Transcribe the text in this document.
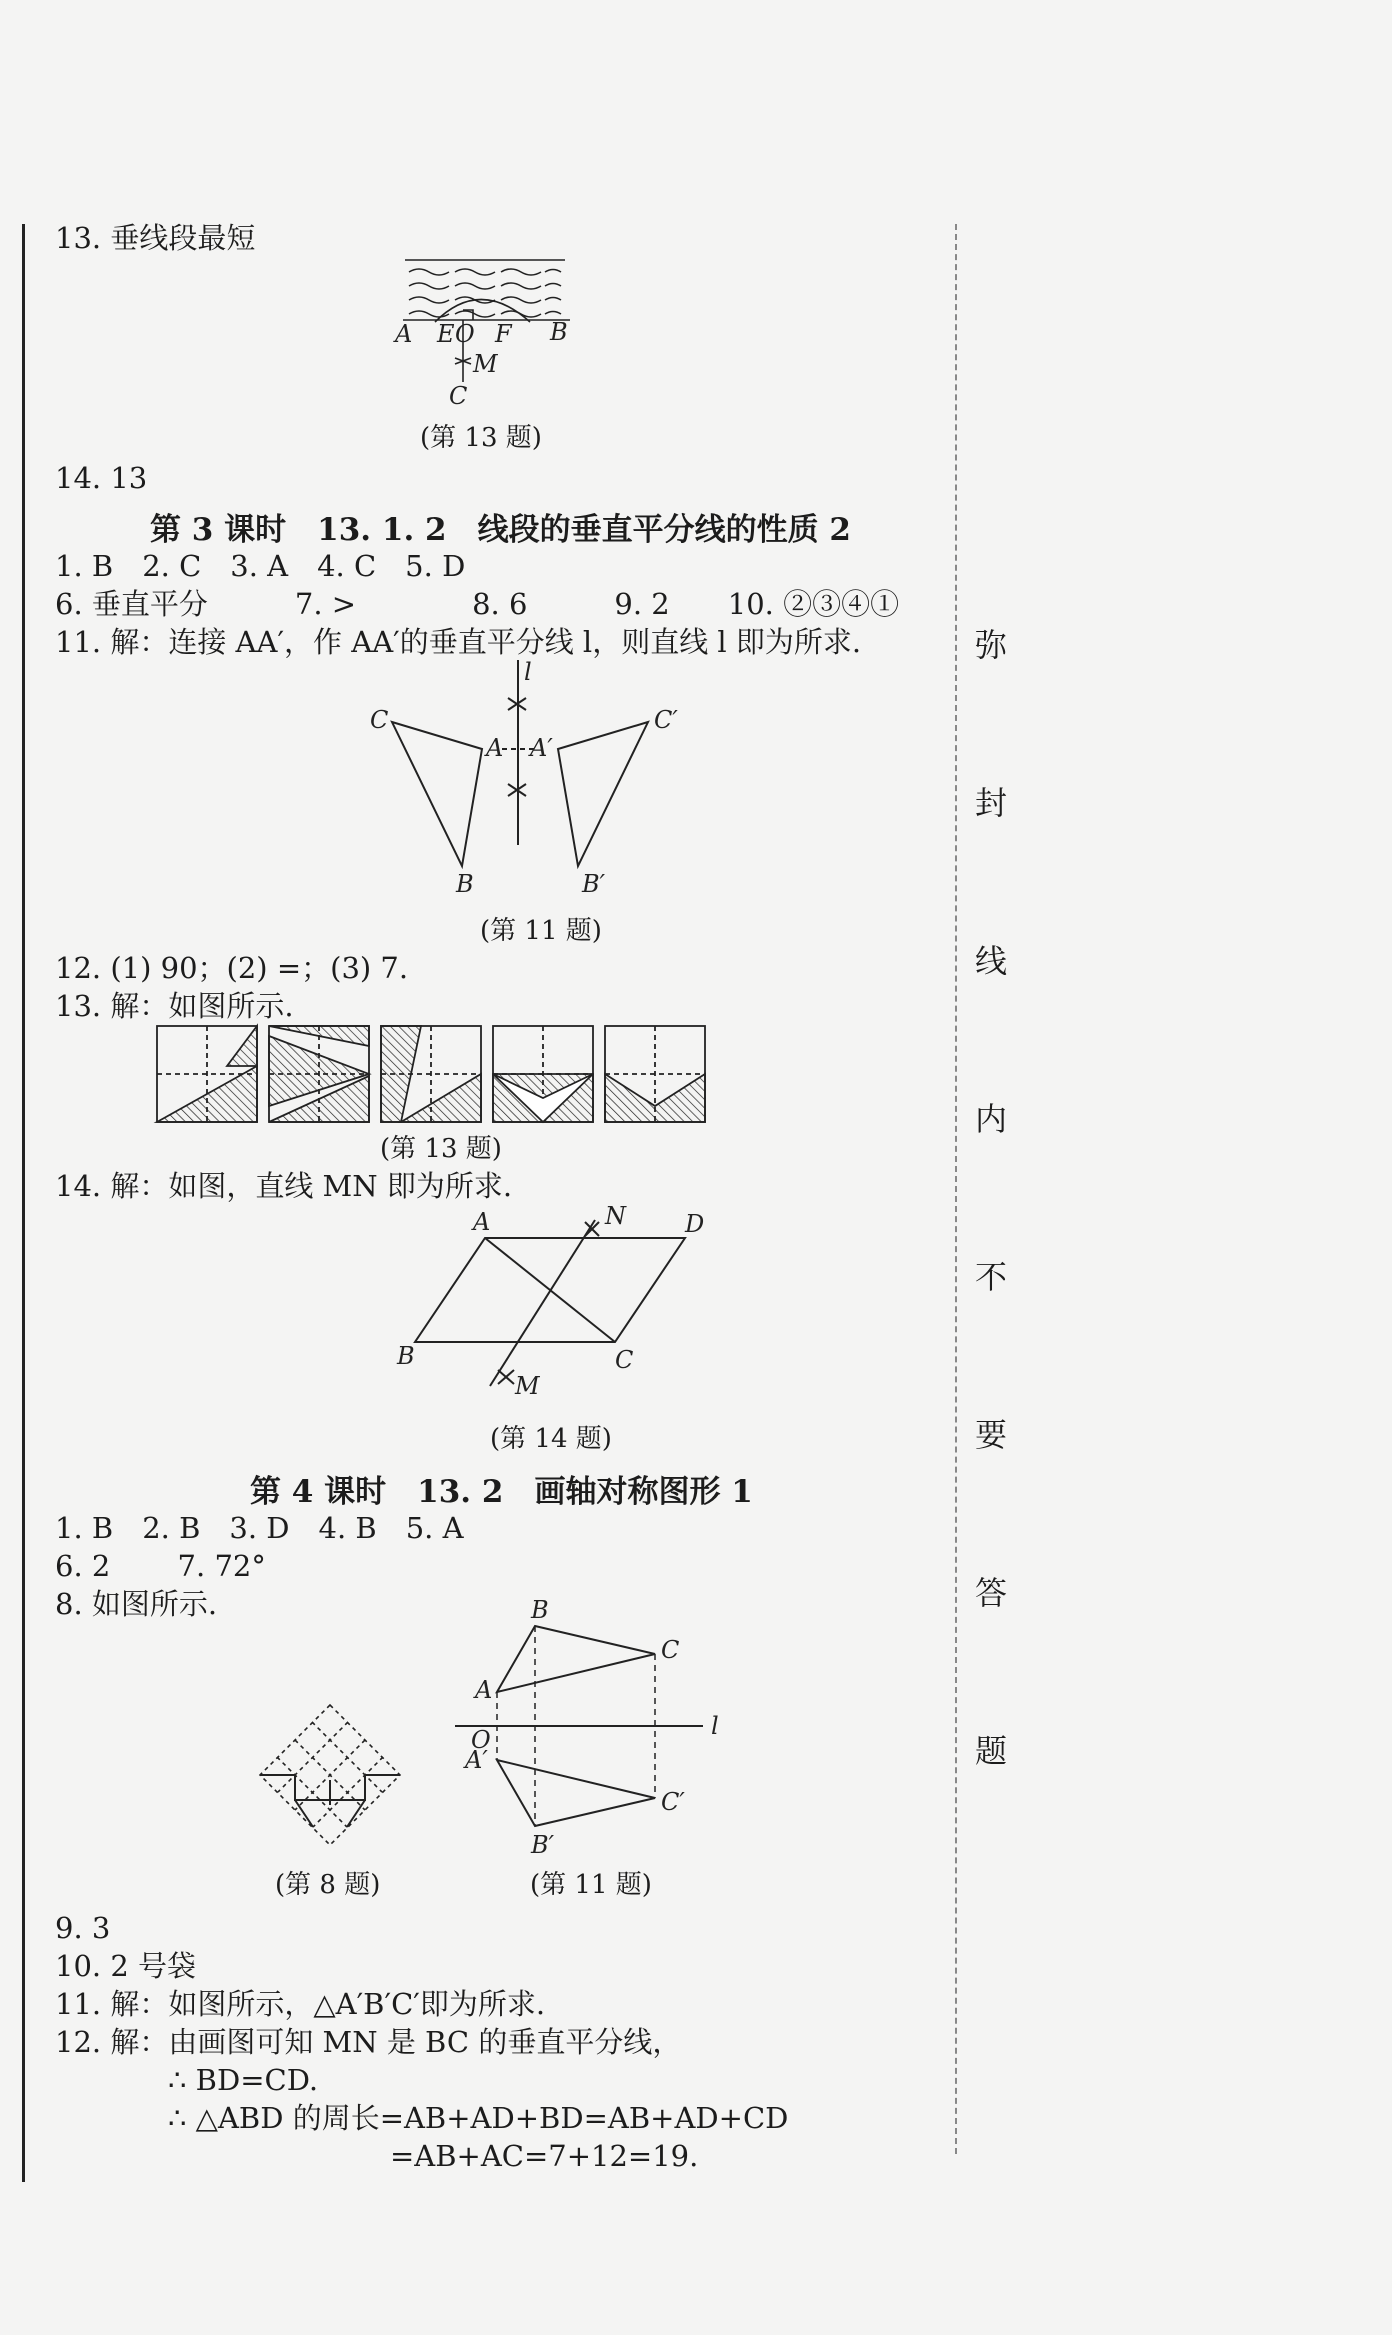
弥
封
线
内
不
要
答
题
13. 垂线段最短
A E O F B
M
C
(第 13 题)
14. 13
第 3 课时　13. 1. 2　线段的垂直平分线的性质 2
1. B　2. C　3. A　4. C　5. D
6. 垂直平分　　　7. >　　　　8. 6　　　9. 2　　10. ②③④①
11. 解：连接 AA′，作 AA′的垂直平分线 l，则直线 l 即为所求.
l
C
A A′
C′
B	B′
(第 11 题)
12. (1) 90；(2) =；(3) 7.
13. 解：如图所示.
(第 13 题)
14. 解：如图，直线 MN 即为所求.
A	N D
B	C
M
(第 14 题)
第 4 课时　13. 2　画轴对称图形 1
1. B　2. B　3. D　4. B　5. A
6. 2　　 7. 72°
8. 如图所示.
(第 8 题)
B
C
A
O	l
A′
C′
B′
(第 11 题)
9. 3
10. 2 号袋
11. 解：如图所示，△A′B′C′即为所求.
12. 解：由画图可知 MN 是 BC 的垂直平分线，
∴ BD=CD.
∴ △ABD 的周长=AB+AD+BD=AB+AD+CD
=AB+AC=7+12=19.
